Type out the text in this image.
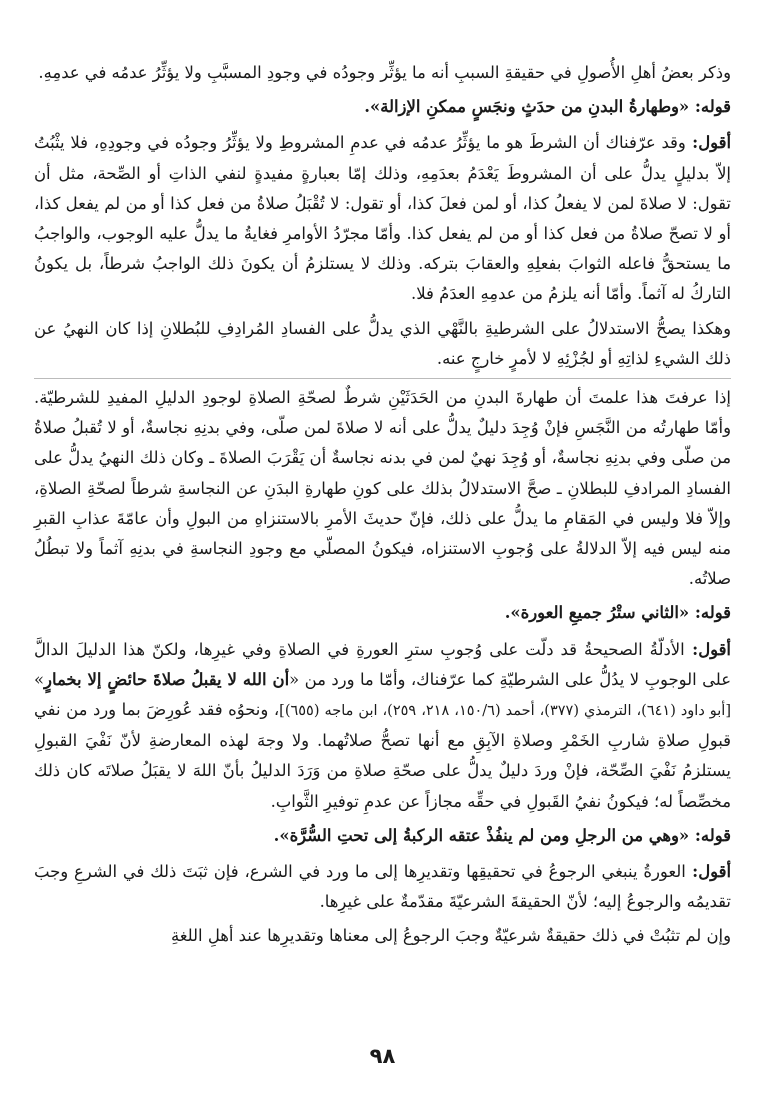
وذكر بعضُ أهلِ الأُصولِ في حقيقةِ السببِ أنه ما يؤثِّر وجودُه في وجودِ المسبَّبِ ولا يؤثِّرُ عدمُه في عدمِهِ.
قوله: «وطهارةُ البدنِ من حدَثٍ ونجَسٍ ممكنِ الإزالة».
أقول: وقد عرّفناك أن الشرطَ هو ما يؤثِّرُ عدمُه في عدمِ المشروطِ ولا يؤثِّرُ وجودُه في وجودِهِ، فلا يثْبُتُ إلاّ بدليلٍ يدلُّ على أن المشروطَ يَعْدَمُ بعدَمِهِ، وذلك إمّا بعبارةٍ مفيدةٍ لنفي الذاتِ أو الصِّحة، مثل أن تقول: لا صلاةَ لمن لا يفعلُ كذا، أو لمن فعلَ كذا، أو تقول: لا تُقْبَلُ صلاةُ من فعل كذا أو من لم يفعل كذا، أو لا تصحّ صلاةُ من فعل كذا أو من لم يفعل كذا. وأمّا مجرّدُ الأوامرِ فغايةُ ما يدلُّ عليه الوجوب، والواجبُ ما يستحقُّ فاعله الثوابَ بفعلِهِ والعقابَ بتركه. وذلك لا يستلزمُ أن يكونَ ذلك الواجبُ شرطاً، بل يكونُ التاركُ له آثماً. وأمّا أنه يلزمُ من عدمِهِ العدَمُ فلا.
وهكذا يصحُّ الاستدلالُ على الشرطيةِ بالنَّهْي الذي يدلُّ على الفسادِ المُرادِفِ للبُطلانِ إذا كان النهيُ عن ذلك الشيءِ لذاتِهِ أو لجُزْئِهِ لا لأمرٍ خارجٍ عنه.
إذا عرفتَ هذا علمتَ أن طهارةَ البدنِ من الحَدَثَيْنِ شرطٌ لصحّةِ الصلاةِ لوجودِ الدليلِ المفيدِ للشرطيّة. وأمّا طهارتُه من النَّجَسِ فإنْ وُجِدَ دليلٌ يدلُّ على أنه لا صلاةَ لمن صلّى، وفي بدنِهِ نجاسةٌ، أو لا تُقبلُ صلاةُ من صلّى وفي بدنِهِ نجاسةٌ، أو وُجِدَ نهيٌ لمن في بدنه نجاسةٌ أن يَقْرَبَ الصلاةَ ـ وكان ذلك النهيُ يدلُّ على الفسادِ المرادفِ للبطلانِ ـ صحَّ الاستدلالُ بذلك على كونِ طهارةِ البدَنِ عن النجاسةِ شرطاً لصحّةِ الصلاةِ، وإلاّ فلا وليس في المَقامِ ما يدلُّ على ذلك، فإنّ حديثَ الأمرِ بالاستنزاهِ من البولِ وأن عامّةَ عذابِ القبرِ منه ليس فيه إلاّ الدلالةُ على وُجوبِ الاستنزاه، فيكونُ المصلّي مع وجودِ النجاسةِ في بدنِهِ آثماً ولا تبطُلُ صلاتُه.
قوله: «الثاني ستْرُ جميعِ العورة».
أقول: الأدلّةُ الصحيحةُ قد دلّت على وُجوبِ سترِ العورةِ في الصلاةِ وفي غيرِها، ولكنّ هذا الدليلَ الدالَّ على الوجوبِ لا يدُلُّ على الشرطيّةِ كما عرّفناك، وأمّا ما ورد من «أن الله لا يقبلُ صلاةَ حائضٍ إلا بخمارٍ» [أبو داود (٦٤١)، الترمذي (٣٧٧)، أحمد (١٥٠/٦، ٢١٨، ٢٥٩)، ابن ماجه (٦٥٥)]، ونحوُه فقد عُورِضَ بما ورد من نفي قبولِ صلاةِ شاربِ الخَمْرِ وصلاةِ الآبِقِ مع أنها تصحُّ صلاتُهما. ولا وجهَ لهذه المعارضةِ لأنّ نَفْيَ القبولِ يستلزمُ نَفْيَ الصِّحّة، فإنْ وردَ دليلٌ يدلُّ على صحّةِ صلاةِ من وَرَدَ الدليلُ بأنّ اللهَ لا يقبَلُ صلاتَه كان ذلك مخصِّصاً له؛ فيكونُ نفيُ القَبولِ في حقِّه مجازاً عن عدمِ توفيرِ الثَّوابِ.
قوله: «وهي من الرجلِ ومن لم ينفُذْ عتقه الركبةُ إلى تحتِ السُّرَّة».
أقول: العورةُ ينبغي الرجوعُ في تحقيقِها وتقديرِها إلى ما ورد في الشرع، فإن ثبَتَ ذلك في الشرعِ وجبَ تقديمُه والرجوعُ إليه؛ لأنّ الحقيقةَ الشرعيّةَ مقدّمةٌ على غيرِها.
وإن لم تثبُتْ في ذلك حقيقةٌ شرعيّةٌ وجبَ الرجوعُ إلى معناها وتقديرِها عند أهلِ اللغةِ
٩٨
